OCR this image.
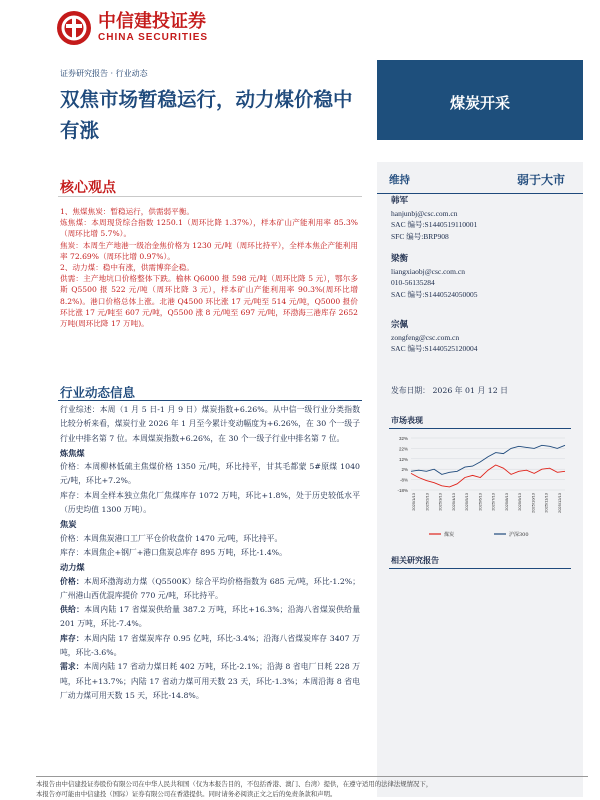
中信建投证券
CHINA SECURITIES
证券研究报告 · 行业动态
双焦市场暂稳运行，动力煤价稳中有涨
煤炭开采
核心观点

1、焦煤焦炭：暂稳运行，供需弱平衡。

炼焦煤：本周现货综合指数 1250.1（周环比降 1.37%），样本矿山产能利用率 85.3%（周环比增 5.7%）。

焦炭：本周生产地港一级冶金焦价格为 1230 元/吨（周环比持平），全样本焦企产能利用率 72.69%（周环比增 0.97%）。

2、动力煤：稳中有涨，供需博弈企稳。

供需：主产地坑口价格整体下跌。榆林 Q6000 报 598 元/吨（周环比降 5 元），鄂尔多斯 Q5500 报 522 元/吨（周环比降 3 元），样本矿山产能利用率 90.3%(周环比增 8.2%)。港口价格总体上涨。北港 Q4500 环比涨 17 元/吨至 514 元/吨，Q5000 报价环比涨 17 元/吨至 607 元/吨，Q5500 涨 8 元/吨至 697 元/吨，环渤海三港库存 2652 万吨(周环比降 17 万吨)。

行业动态信息

行业综述：本周（1 月 5 日-1 月 9 日）煤炭指数+6.26%。从中信一级行业分类指数比较分析来看，煤炭行业 2026 年 1 月至今累计变动幅度为+6.26%，在 30 个一级子行业中排名第 7 位。本周煤炭指数+6.26%，在 30 个一级子行业中排名第 7 位。

炼焦煤

价格：本周柳林低硫主焦煤价格 1350 元/吨，环比持平，甘其毛都蒙 5#原煤 1040 元/吨，环比+7.2%。

库存：本周全样本独立焦化厂焦煤库存 1072 万吨，环比+1.8%，处于历史较低水平（历史均值 1300 万吨）。

焦炭

价格：本周焦炭港口工厂平仓价收盘价 1470 元/吨，环比持平。

库存：本周焦企+钢厂+港口焦炭总库存 895 万吨，环比-1.4%。

动力煤

价格：本周环渤海动力煤（Q5500K）综合平均价格指数为 685 元/吨，环比-1.2%；广州港山西优混库提价 770 元/吨，环比持平。

供给：本周内陆 17 省煤炭供给量 387.2 万吨，环比+16.3%；沿海八省煤炭供给量 201 万吨，环比-7.4%。

库存：本周内陆 17 省煤炭库存 0.95 亿吨，环比-3.4%；沿海八省煤炭库存 3407 万吨，环比-3.6%。

需求：本周内陆 17 省动力煤日耗 402 万吨，环比-2.1%；沿海 8 省电厂日耗 228 万吨，环比+13.7%；内陆 17 省动力煤可用天数 23 天，环比-1.3%；本周沿海 8 省电厂动力煤可用天数 15 天，环比-14.8%。

维持	弱于大市
韩军
hanjunbj@csc.com.cn
SAC 编号:S1440519110001
SFC 编号:BRP908
梁衡
liangxiaobj@csc.com.cn
010-56135284
SAC 编号:S1440524050005
宗佩
zongfeng@csc.com.cn
SAC 编号:S1440525120004
发布日期： 2026 年 01 月 12 日
市场表现
32%
22%
12%
2%
-8%
-18%
2025/1/13 2025/2/13 2025/3/13 2025/4/13 2025/5/13 2025/6/13 2025/7/13 2025/8/13 2025/9/13 2025/10/13 2025/11/13 2025/12/13
煤炭	沪深300
相关研究报告
本报告由中信建投证券股份有限公司在中华人民共和国（仅为本报告目的，不包括香港、澳门、台湾）提供，在遵守适用的法律法规情况下，
本报告亦可能由中信建投（国际）证券有限公司在香港提供。同时请务必阅读正文之后的免责条款和声明。
